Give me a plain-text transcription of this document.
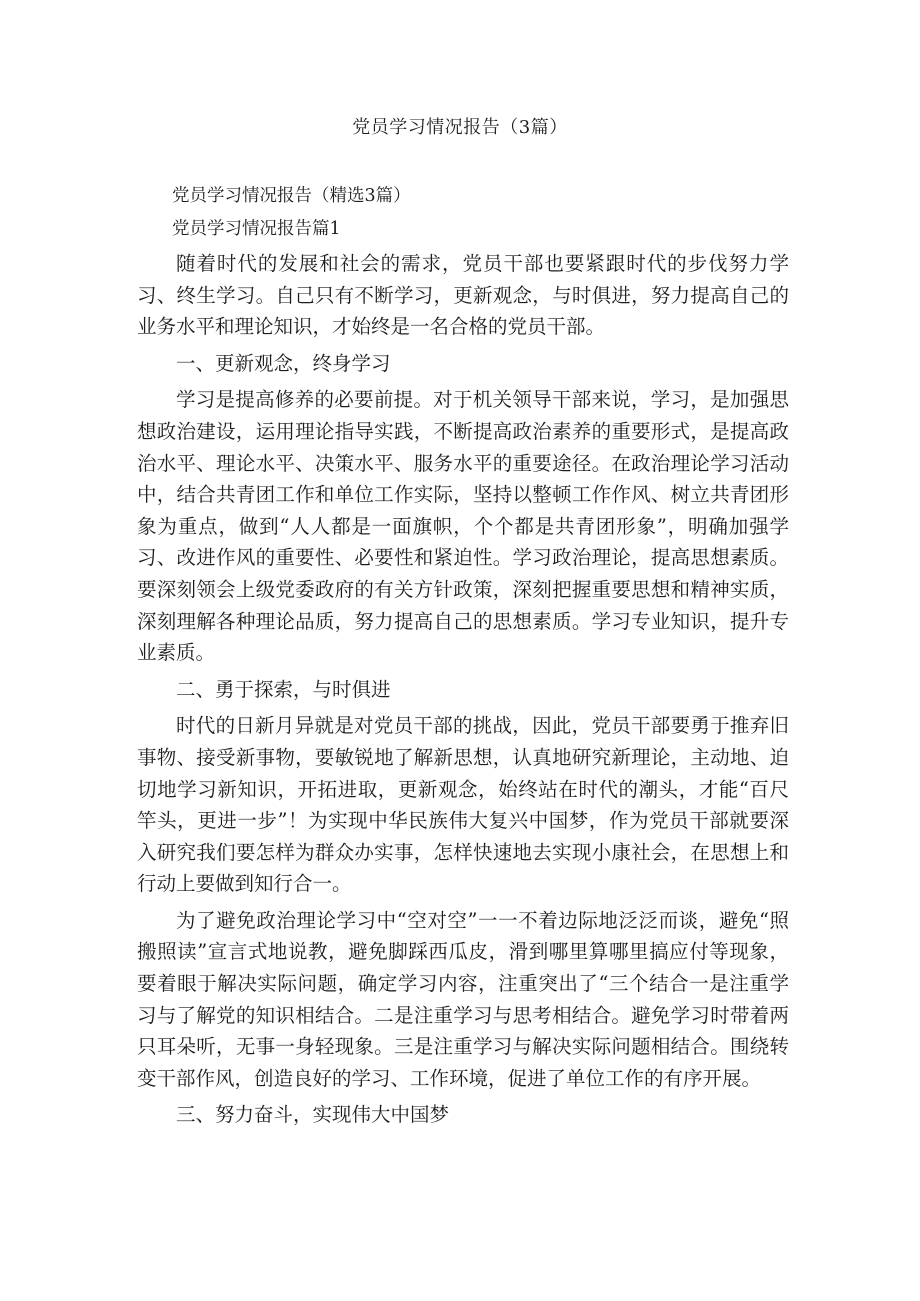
党员学习情况报告（3篇）

党员学习情况报告（精选3篇）

党员学习情况报告篇1

随着时代的发展和社会的需求，党员干部也要紧跟时代的步伐努力学习、终生学习。自己只有不断学习，更新观念，与时俱进，努力提高自己的业务水平和理论知识，才始终是一名合格的党员干部。

一、更新观念，终身学习

学习是提高修养的必要前提。对于机关领导干部来说，学习，是加强思想政治建设，运用理论指导实践，不断提高政治素养的重要形式，是提高政治水平、理论水平、决策水平、服务水平的重要途径。在政治理论学习活动中，结合共青团工作和单位工作实际，坚持以整顿工作作风、树立共青团形象为重点，做到“人人都是一面旗帜，个个都是共青团形象”，明确加强学习、改进作风的重要性、必要性和紧迫性。学习政治理论，提高思想素质。要深刻领会上级党委政府的有关方针政策，深刻把握重要思想和精神实质，深刻理解各种理论品质，努力提高自己的思想素质。学习专业知识，提升专业素质。

二、勇于探索，与时俱进

时代的日新月异就是对党员干部的挑战，因此，党员干部要勇于推弃旧事物、接受新事物，要敏锐地了解新思想，认真地研究新理论，主动地、迫切地学习新知识，开拓进取，更新观念，始终站在时代的潮头，才能“百尺竿头，更进一步”！为实现中华民族伟大复兴中国梦，作为党员干部就要深入研究我们要怎样为群众办实事，怎样快速地去实现小康社会，在思想上和行动上要做到知行合一。

为了避免政治理论学习中“空对空”一一不着边际地泛泛而谈，避免“照搬照读”宣言式地说教，避免脚踩西瓜皮，滑到哪里算哪里搞应付等现象，要着眼于解决实际问题，确定学习内容，注重突出了“三个结合一是注重学习与了解党的知识相结合。二是注重学习与思考相结合。避免学习时带着两只耳朵听，无事一身轻现象。三是注重学习与解决实际问题相结合。围绕转变干部作风，创造良好的学习、工作环境，促进了单位工作的有序开展。

三、努力奋斗，实现伟大中国梦
